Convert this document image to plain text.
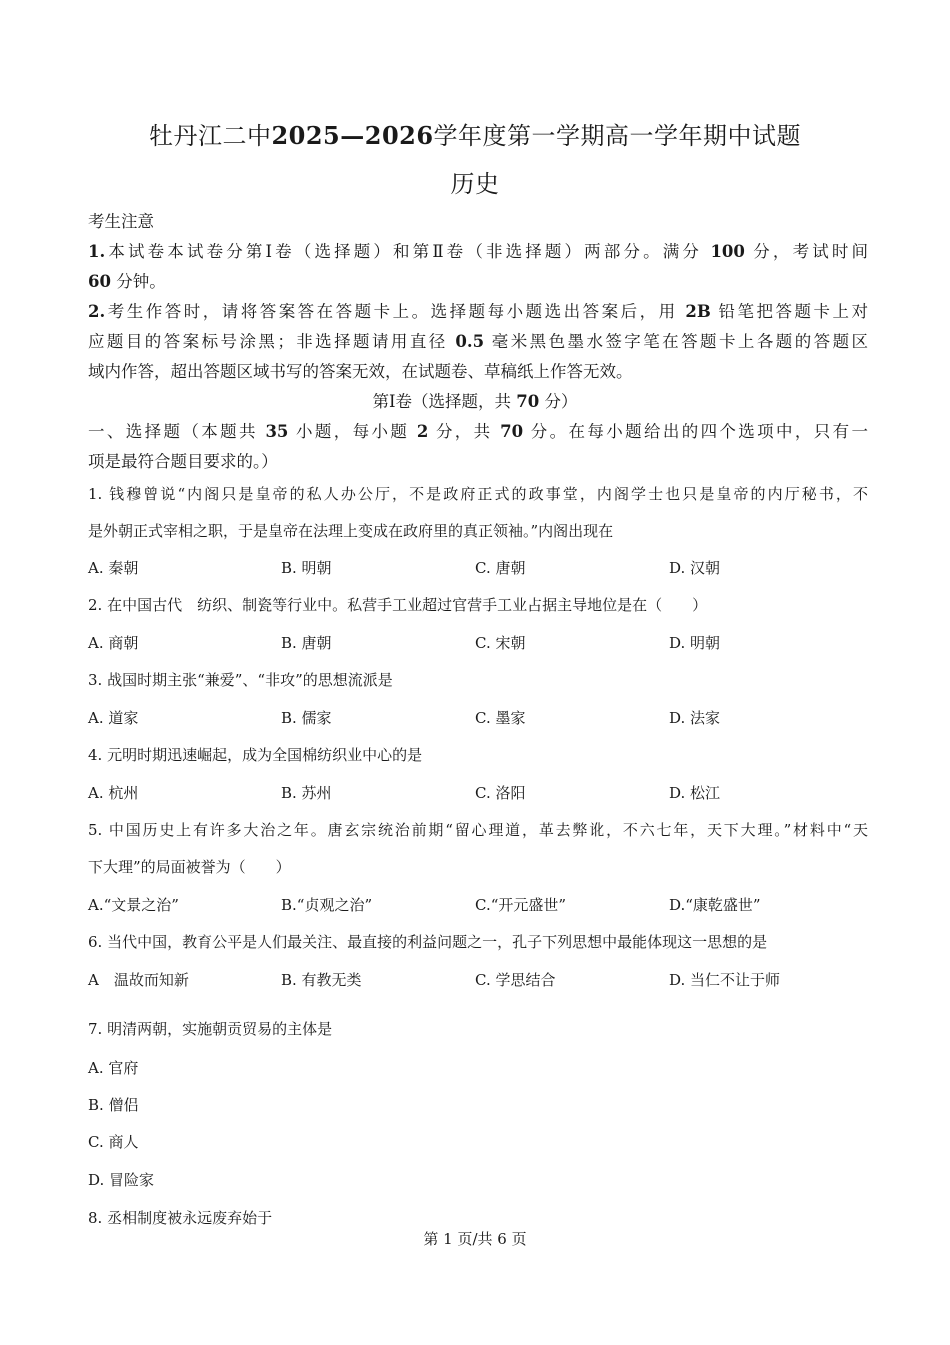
牡丹江二中2025—2026学年度第一学期高一学年期中试题
历史
考生注意
1.本试卷本试卷分第Ⅰ卷（选择题）和第Ⅱ卷（非选择题）两部分。满分 100 分，考试时间
60 分钟。
2.考生作答时，请将答案答在答题卡上。选择题每小题选出答案后，用 2B 铅笔把答题卡上对
应题目的答案标号涂黑；非选择题请用直径 0.5 毫米黑色墨水签字笔在答题卡上各题的答题区
域内作答，超出答题区域书写的答案无效，在试题卷、草稿纸上作答无效。
第Ⅰ卷（选择题，共 70 分）
一、选择题（本题共 35 小题，每小题 2 分，共 70 分。在每小题给出的四个选项中，只有一
项是最符合题目要求的。）
1. 钱穆曾说“内阁只是皇帝的私人办公厅，不是政府正式的政事堂，内阁学士也只是皇帝的内厅秘书，不
是外朝正式宰相之职，于是皇帝在法理上变成在政府里的真正领袖。”内阁出现在
A. 秦朝	B. 明朝	C. 唐朝	D. 汉朝
2. 在中国古代　纺织、制瓷等行业中。私营手工业超过官营手工业占据主导地位是在（　　）
A. 商朝	B. 唐朝	C. 宋朝	D. 明朝
3. 战国时期主张“兼爱”、“非攻”的思想流派是
A. 道家	B. 儒家	C. 墨家	D. 法家
4. 元明时期迅速崛起，成为全国棉纺织业中心的是
A. 杭州	B. 苏州	C. 洛阳	D. 松江
5. 中国历史上有许多大治之年。唐玄宗统治前期“留心理道，革去弊讹，不六七年，天下大理。”材料中“天
下大理”的局面被誉为（　　）
A.“文景之治”	B.“贞观之治”	C.“开元盛世”	D.“康乾盛世”
6. 当代中国，教育公平是人们最关注、最直接的利益问题之一，孔子下列思想中最能体现这一思想的是
A　温故而知新	B. 有教无类	C. 学思结合	D. 当仁不让于师
7. 明清两朝，实施朝贡贸易的主体是
A. 官府
B. 僧侣
C. 商人
D. 冒险家
8. 丞相制度被永远废弃始于
第 1 页/共 6 页
